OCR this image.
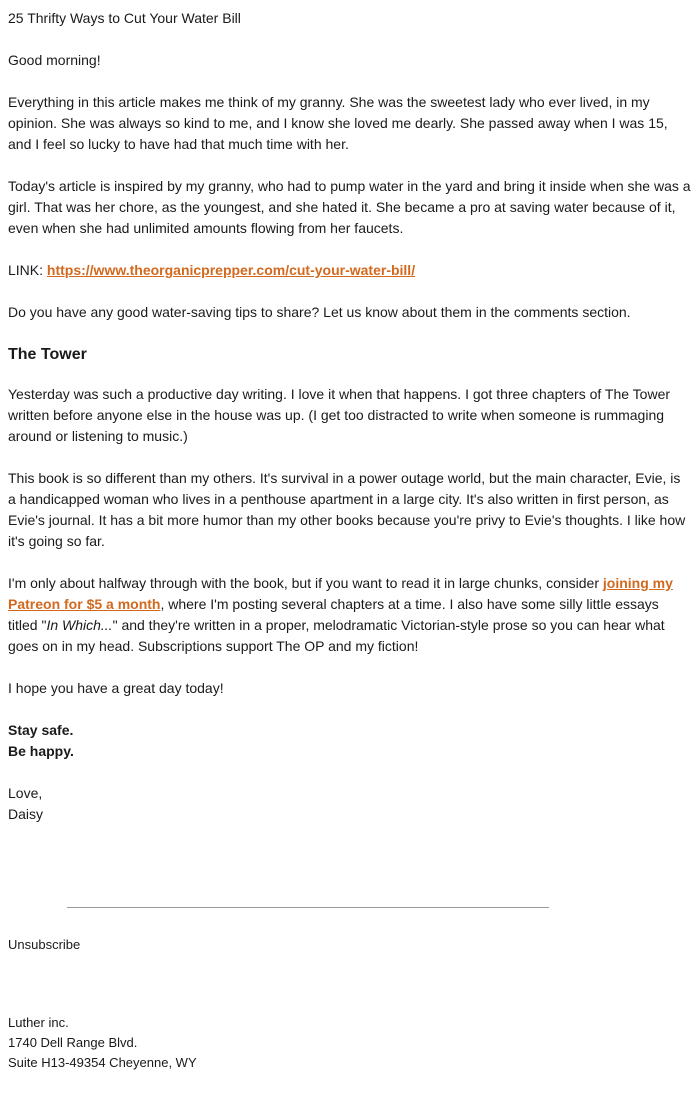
25 Thrifty Ways to Cut Your Water Bill

Good morning!

Everything in this article makes me think of my granny. She was the sweetest lady who ever lived, in my opinion. She was always so kind to me, and I know she loved me dearly. She passed away when I was 15, and I feel so lucky to have had that much time with her.

Today's article is inspired by my granny, who had to pump water in the yard and bring it inside when she was a girl. That was her chore, as the youngest, and she hated it. She became a pro at saving water because of it, even when she had unlimited amounts flowing from her faucets.

LINK: https://www.theorganicprepper.com/cut-your-water-bill/

Do you have any good water-saving tips to share? Let us know about them in the comments section.

The Tower

Yesterday was such a productive day writing. I love it when that happens. I got three chapters of The Tower written before anyone else in the house was up. (I get too distracted to write when someone is rummaging around or listening to music.)

This book is so different than my others. It's survival in a power outage world, but the main character, Evie, is a handicapped woman who lives in a penthouse apartment in a large city. It's also written in first person, as Evie's journal. It has a bit more humor than my other books because you're privy to Evie's thoughts. I like how it's going so far.

I'm only about halfway through with the book, but if you want to read it in large chunks, consider joining my Patreon for $5 a month, where I'm posting several chapters at a time. I also have some silly little essays titled "In Which..." and they're written in a proper, melodramatic Victorian-style prose so you can hear what goes on in my head. Subscriptions support The OP and my fiction!

I hope you have a great day today!

Stay safe.

Be happy.

Love,

Daisy

Unsubscribe
Luther inc.
1740 Dell Range Blvd.
Suite H13-49354 Cheyenne, WY
